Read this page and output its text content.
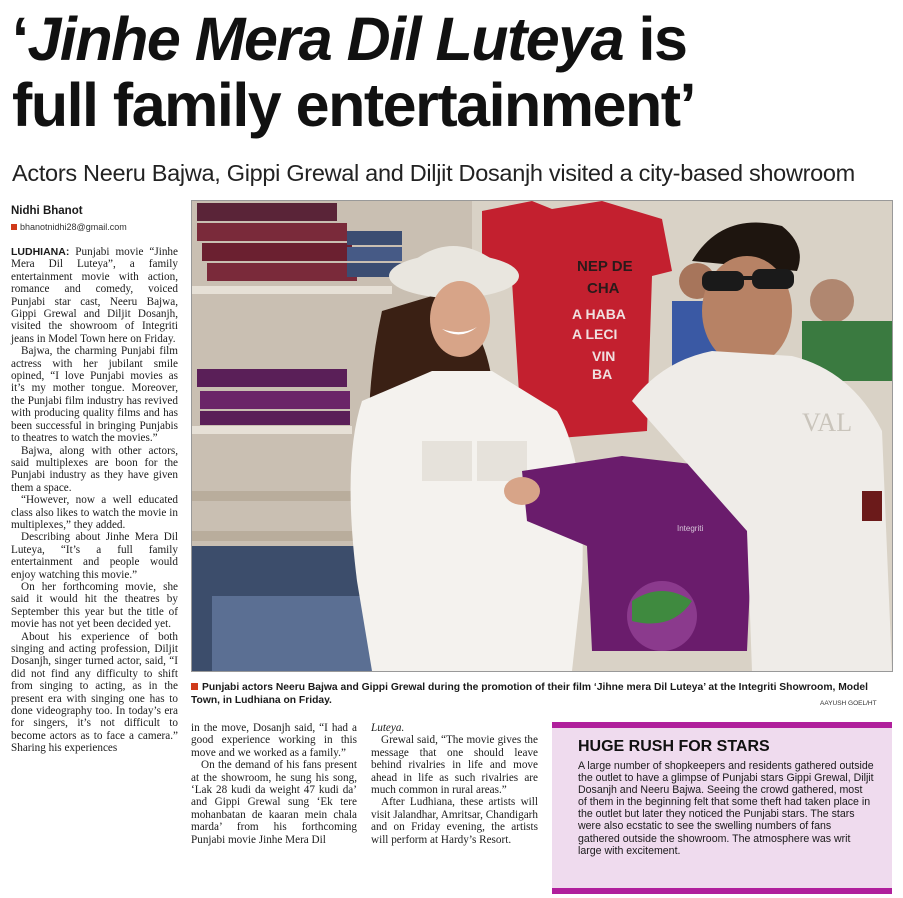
‘Jinhe Mera Dil Luteya is
full family entertainment’
Actors Neeru Bajwa, Gippi Grewal and Diljit Dosanjh visited a city-based showroom
Nidhi Bhanot
bhanotnidhi28@gmail.com

LUDHIANA: Punjabi movie “Jinhe Mera Dil Luteya”, a family entertainment movie with action, romance and comedy, voiced Punjabi star cast, Neeru Bajwa, Gippi Grewal and Diljit Dosanjh, visited the showroom of Integriti jeans in Model Town here on Friday.

Bajwa, the charming Punjabi film actress with her jubilant smile opined, “I love Punjabi movies as it’s my mother tongue. Moreover, the Punjabi film industry has revived with producing quality films and has been successful in bringing Punjabis to theatres to watch the movies.”

Bajwa, along with other actors, said multiplexes are boon for the Punjabi industry as they have given them a space.

“However, now a well educated class also likes to watch the movie in multiplexes,” they added.

Describing about Jinhe Mera Dil Luteya, “It’s a full family entertainment and people would enjoy watching this movie.”

On her forthcoming movie, she said it would hit the theatres by September this year but the title of movie has not yet been decided yet.

About his experience of both singing and acting profession, Diljit Dosanjh, singer turned actor, said, “I did not find any difficulty to shift from singing to acting, as in the present era with singing one has to done videography too. In today’s era for singers, it’s not difficult to become actors as to face a camera.” Sharing his experiences

in the move, Dosanjh said, “I had a good experience working in this move and we worked as a family.”

On the demand of his fans present at the showroom, he sung his song, ‘Lak 28 kudi da weight 47 kudi da’ and Gippi Grewal sung ‘Ek tere mohanbatan de kaaran mein chala marda’ from his forthcoming Punjabi movie Jinhe Mera Dil

Luteya.

Grewal said, “The movie gives the message that one should leave behind rivalries in life and move ahead in life as such rivalries are much common in rural areas.”

After Ludhiana, these artists will visit Jalandhar, Amritsar, Chandigarh and on Friday evening, the artists will perform at Hardy’s Resort.

NEP DE
CHA
A HABA
A LECI
VIN
BA
Integriti
VAL
Punjabi actors Neeru Bajwa and Gippi Grewal during the promotion of their film ‘Jihne mera Dil Luteya’ at the Integriti Showroom, Model Town, in Ludhiana on Friday.	AAYUSH GOEL/HT
HUGE RUSH FOR STARS
A large number of shopkeepers and residents gathered outside the outlet to have a glimpse of Punjabi stars Gippi Grewal, Diljit Dosanjh and Neeru Bajwa. Seeing the crowd gathered, most of them in the beginning felt that some theft had taken place in the outlet but later they noticed the Punjabi stars. The stars were also ecstatic to see the swelling numbers of fans gathered outside the showroom. The atmosphere was writ large with excitement.
